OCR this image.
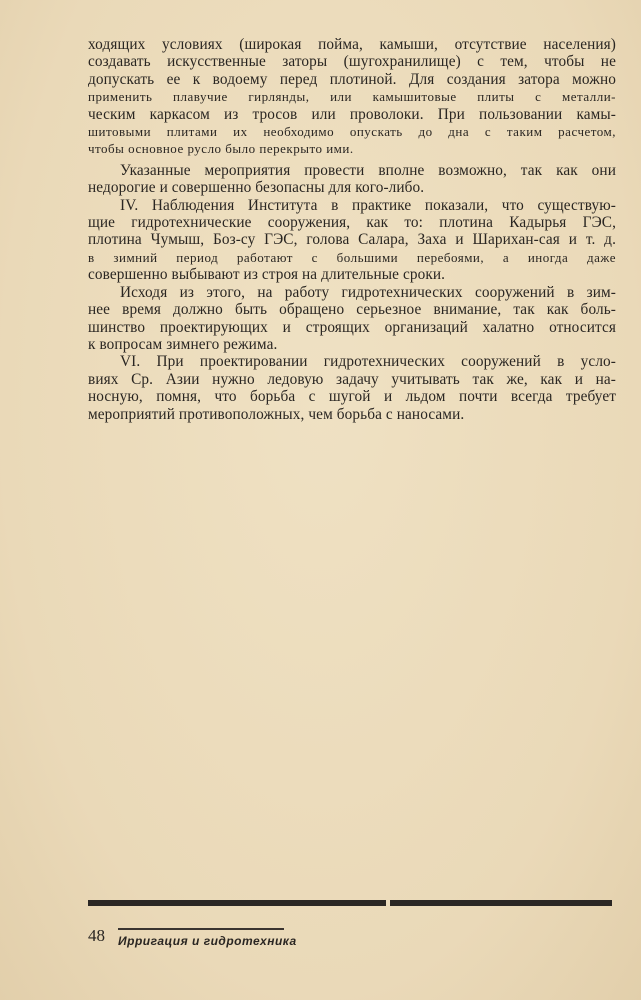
ходящих условиях (широкая пойма, камыши, отсутствие населения)
создавать искусственные заторы (шугохранилище) с тем, чтобы не
допускать ее к водоему перед плотиной. Для создания затора можно
применить плавучие гирлянды, или камышитовые плиты с металли-
ческим каркасом из тросов или проволоки. При пользовании камы-
шитовыми плитами их необходимо опускать до дна с таким расчетом,
чтобы основное русло было перекрыто ими.

Указанные мероприятия провести вполне возможно, так как они
недорогие и совершенно безопасны для кого-либо.

IV. Наблюдения Института в практике показали, что существую-
щие гидротехнические сооружения, как то: плотина Кадырья ГЭС,
плотина Чумыш, Боз-су ГЭС, голова Салара, Заха и Шарихан-сая и т. д.
в зимний период работают с большими перебоями, а иногда даже
совершенно выбывают из строя на длительные сроки.

Исходя из этого, на работу гидротехнических сооружений в зим-
нее время должно быть обращено серьезное внимание, так как боль-
шинство проектирующих и строящих организаций халатно относится
к вопросам зимнего режима.

VI. При проектировании гидротехнических сооружений в усло-
виях Ср. Азии нужно ледовую задачу учитывать так же, как и на-
носную, помня, что борьба с шугой и льдом почти всегда требует
мероприятий противоположных, чем борьба с наносами.

48 Ирригация и гидротехника
